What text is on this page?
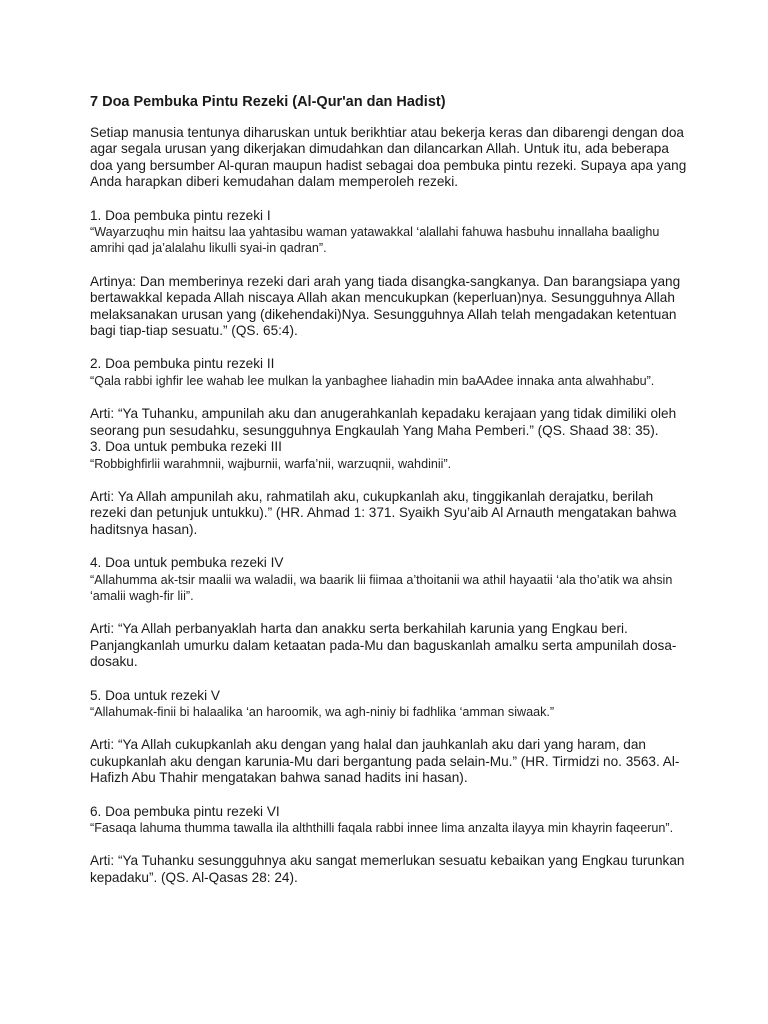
7 Doa Pembuka Pintu Rezeki (Al-Qur'an dan Hadist)

Setiap manusia tentunya diharuskan untuk berikhtiar atau bekerja keras dan dibarengi dengan doa agar segala urusan yang dikerjakan dimudahkan dan dilancarkan Allah. Untuk itu, ada beberapa doa yang bersumber Al-quran maupun hadist sebagai doa pembuka pintu rezeki. Supaya apa yang Anda harapkan diberi kemudahan dalam memperoleh rezeki.

1. Doa pembuka pintu rezeki I

“Wayarzuqhu min haitsu laa yahtasibu waman yatawakkal ‘alallahi fahuwa hasbuhu innallaha baalighu amrihi qad ja’alalahu likulli syai-in qadran”.

Artinya: Dan memberinya rezeki dari arah yang tiada disangka-sangkanya. Dan barangsiapa yang bertawakkal kepada Allah niscaya Allah akan mencukupkan (keperluan)nya. Sesungguhnya Allah melaksanakan urusan yang (dikehendaki)Nya. Sesungguhnya Allah telah mengadakan ketentuan bagi tiap-tiap sesuatu.” (QS. 65:4).

2. Doa pembuka pintu rezeki II

“Qala rabbi ighfir lee wahab lee mulkan la yanbaghee liahadin min baAAdee innaka anta alwahhabu”.

Arti: “Ya Tuhanku, ampunilah aku dan anugerahkanlah kepadaku kerajaan yang tidak dimiliki oleh seorang pun sesudahku, sesungguhnya Engkaulah Yang Maha Pemberi.” (QS. Shaad 38: 35).

3. Doa untuk pembuka rezeki III

“Robbighfirlii warahmnii, wajburnii, warfa’nii, warzuqnii, wahdinii”.

Arti: Ya Allah ampunilah aku, rahmatilah aku, cukupkanlah aku, tinggikanlah derajatku, berilah rezeki dan petunjuk untukku).” (HR. Ahmad 1: 371. Syaikh Syu’aib Al Arnauth mengatakan bahwa haditsnya hasan).

4. Doa untuk pembuka rezeki IV

“Allahumma ak-tsir maalii wa waladii, wa baarik lii fiimaa a’thoitanii wa athil hayaatii ‘ala tho’atik wa ahsin ‘amalii wagh-fir lii”.

Arti: “Ya Allah perbanyaklah harta dan anakku serta berkahilah karunia yang Engkau beri. Panjangkanlah umurku dalam ketaatan pada-Mu dan baguskanlah amalku serta ampunilah dosa-dosaku.

5. Doa untuk rezeki V

“Allahumak-finii bi halaalika ‘an haroomik, wa agh-niniy bi fadhlika ‘amman siwaak.”

Arti: “Ya Allah cukupkanlah aku dengan yang halal dan jauhkanlah aku dari yang haram, dan cukupkanlah aku dengan karunia-Mu dari bergantung pada selain-Mu.” (HR. Tirmidzi no. 3563. Al-Hafizh Abu Thahir mengatakan bahwa sanad hadits ini hasan).

6. Doa pembuka pintu rezeki VI

“Fasaqa lahuma thumma tawalla ila alththilli faqala rabbi innee lima anzalta ilayya min khayrin faqeerun”.

Arti: “Ya Tuhanku sesungguhnya aku sangat memerlukan sesuatu kebaikan yang Engkau turunkan kepadaku”. (QS. Al-Qasas 28: 24).
